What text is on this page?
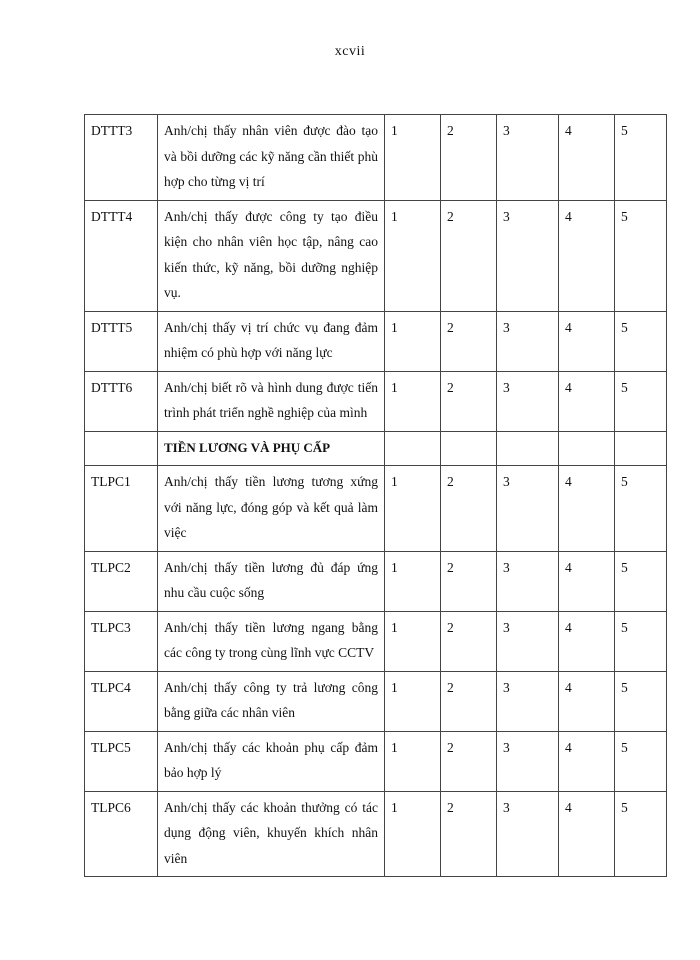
xcvii
DTTT3	Anh/chị thấy nhân viên được đào tạo và bồi dưỡng các kỹ năng cần thiết phù hợp cho từng vị trí	1	2	3	4	5
DTTT4	Anh/chị thấy được công ty tạo điều kiện cho nhân viên học tập, nâng cao kiến thức, kỹ năng, bồi dưỡng nghiệp vụ.	1	2	3	4	5
DTTT5	Anh/chị thấy vị trí chức vụ đang đảm nhiệm có phù hợp với năng lực	1	2	3	4	5
DTTT6	Anh/chị biết rõ và hình dung được tiến trình phát triển nghề nghiệp của mình	1	2	3	4	5
	TIỀN LƯƠNG VÀ PHỤ CẤP					
TLPC1	Anh/chị thấy tiền lương tương xứng với năng lực, đóng góp và kết quả làm việc	1	2	3	4	5
TLPC2	Anh/chị thấy tiền lương đủ đáp ứng nhu cầu cuộc sống	1	2	3	4	5
TLPC3	Anh/chị thấy tiền lương ngang bằng các công ty trong cùng lĩnh vực CCTV	1	2	3	4	5
TLPC4	Anh/chị thấy công ty trả lương công bằng giữa các nhân viên	1	2	3	4	5
TLPC5	Anh/chị thấy các khoản phụ cấp đảm bảo hợp lý	1	2	3	4	5
TLPC6	Anh/chị thấy các khoản thưởng có tác dụng động viên, khuyến khích nhân viên	1	2	3	4	5
